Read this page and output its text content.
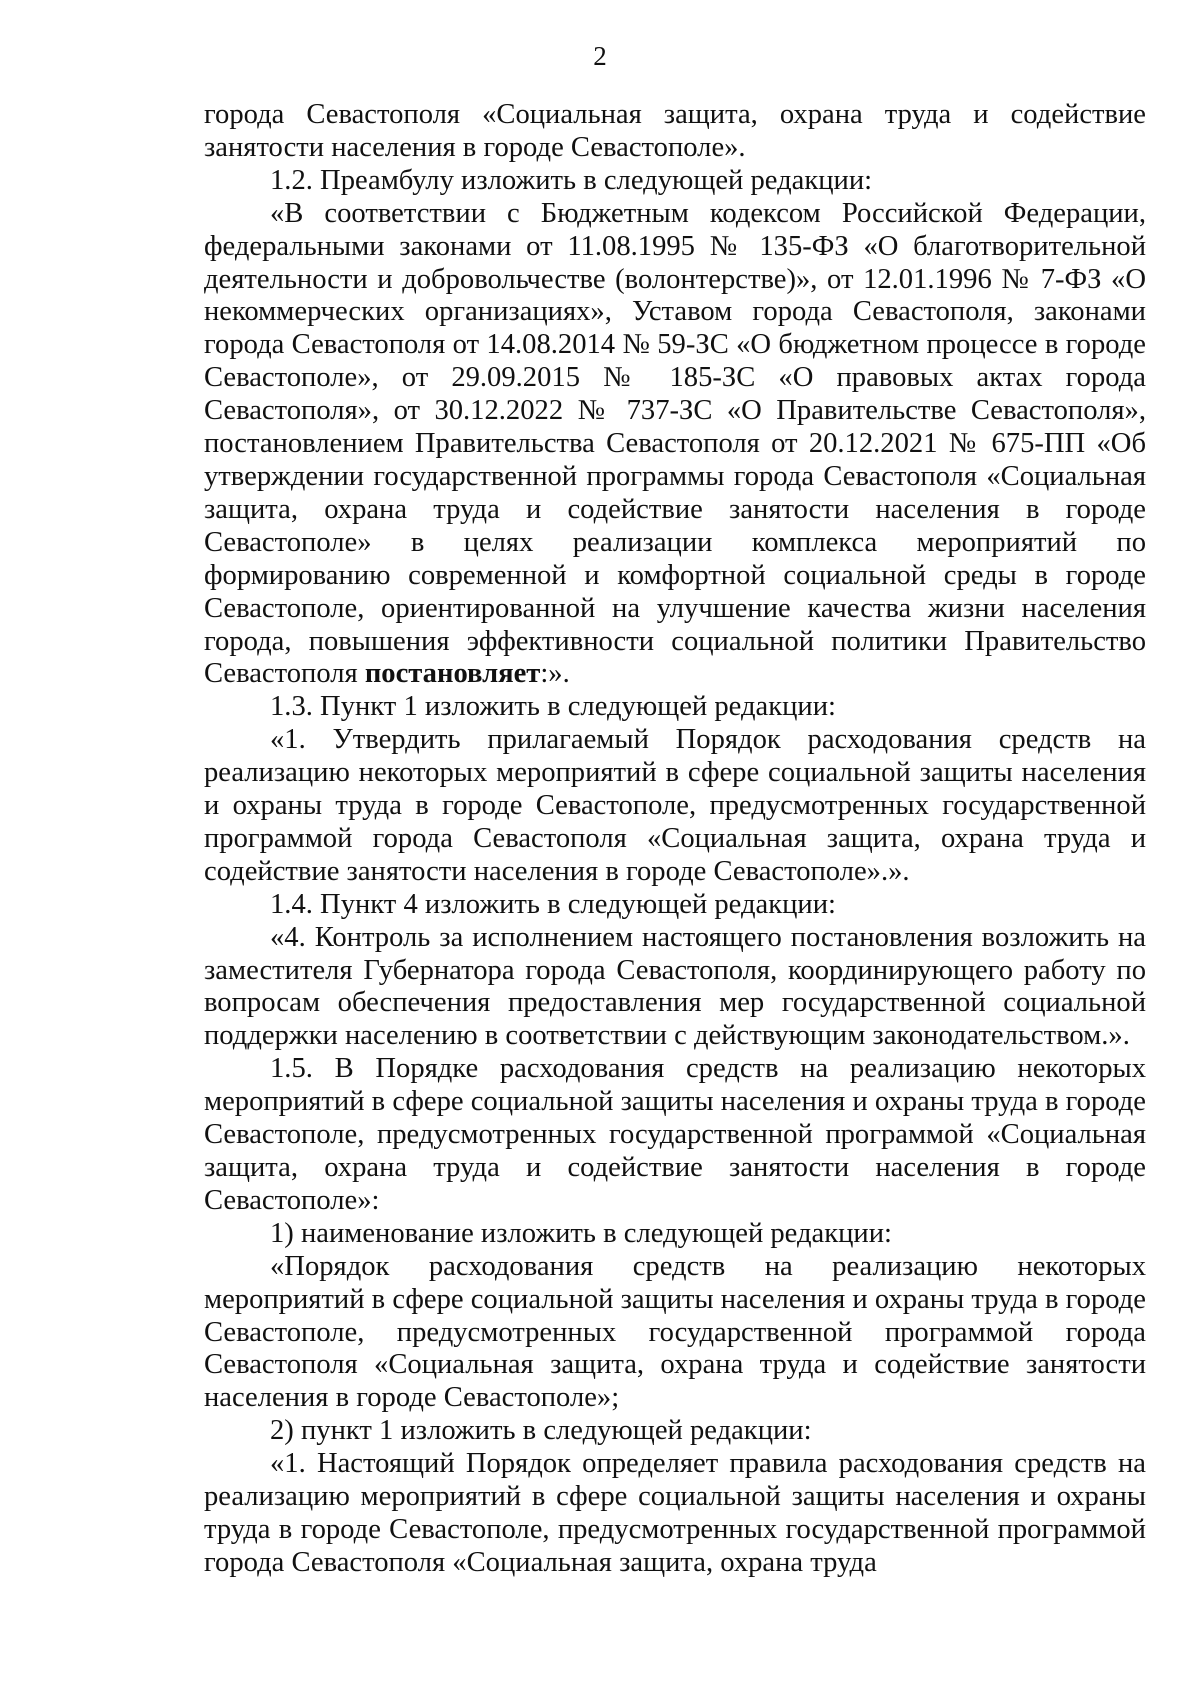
2

города Севастополя «Социальная защита, охрана труда и содействие занятости населения в городе Севастополе».

1.2. Преамбулу изложить в следующей редакции:

«В соответствии с Бюджетным кодексом Российской Федерации, федеральными законами от 11.08.1995 № 135-ФЗ «О благотворительной деятельности и добровольчестве (волонтерстве)», от 12.01.1996 № 7-ФЗ «О некоммерческих организациях», Уставом города Севастополя, законами города Севастополя от 14.08.2014 № 59-ЗС «О бюджетном процессе в городе Севастополе», от 29.09.2015 № 185-ЗС «О правовых актах города Севастополя», от 30.12.2022 № 737-ЗС «О Правительстве Севастополя», постановлением Правительства Севастополя от 20.12.2021 № 675-ПП «Об утверждении государственной программы города Севастополя «Социальная защита, охрана труда и содействие занятости населения в городе Севастополе» в целях реализации комплекса мероприятий по формированию современной и комфортной социальной среды в городе Севастополе, ориентированной на улучшение качества жизни населения города, повышения эффективности социальной политики Правительство Севастополя постановляет:».

1.3. Пункт 1 изложить в следующей редакции:

«1. Утвердить прилагаемый Порядок расходования средств на реализацию некоторых мероприятий в сфере социальной защиты населения и охраны труда в городе Севастополе, предусмотренных государственной программой города Севастополя «Социальная защита, охрана труда и содействие занятости населения в городе Севастополе».».

1.4. Пункт 4 изложить в следующей редакции:

«4. Контроль за исполнением настоящего постановления возложить на заместителя Губернатора города Севастополя, координирующего работу по вопросам обеспечения предоставления мер государственной социальной поддержки населению в соответствии с действующим законодательством.».

1.5. В Порядке расходования средств на реализацию некоторых мероприятий в сфере социальной защиты населения и охраны труда в городе Севастополе, предусмотренных государственной программой «Социальная защита, охрана труда и содействие занятости населения в городе Севастополе»:

1) наименование изложить в следующей редакции:

«Порядок расходования средств на реализацию некоторых мероприятий в сфере социальной защиты населения и охраны труда в городе Севастополе, предусмотренных государственной программой города Севастополя «Социальная защита, охрана труда и содействие занятости населения в городе Севастополе»;

2) пункт 1 изложить в следующей редакции:

«1. Настоящий Порядок определяет правила расходования средств на реализацию мероприятий в сфере социальной защиты населения и охраны труда в городе Севастополе, предусмотренных государственной программой города Севастополя «Социальная защита, охрана труда
